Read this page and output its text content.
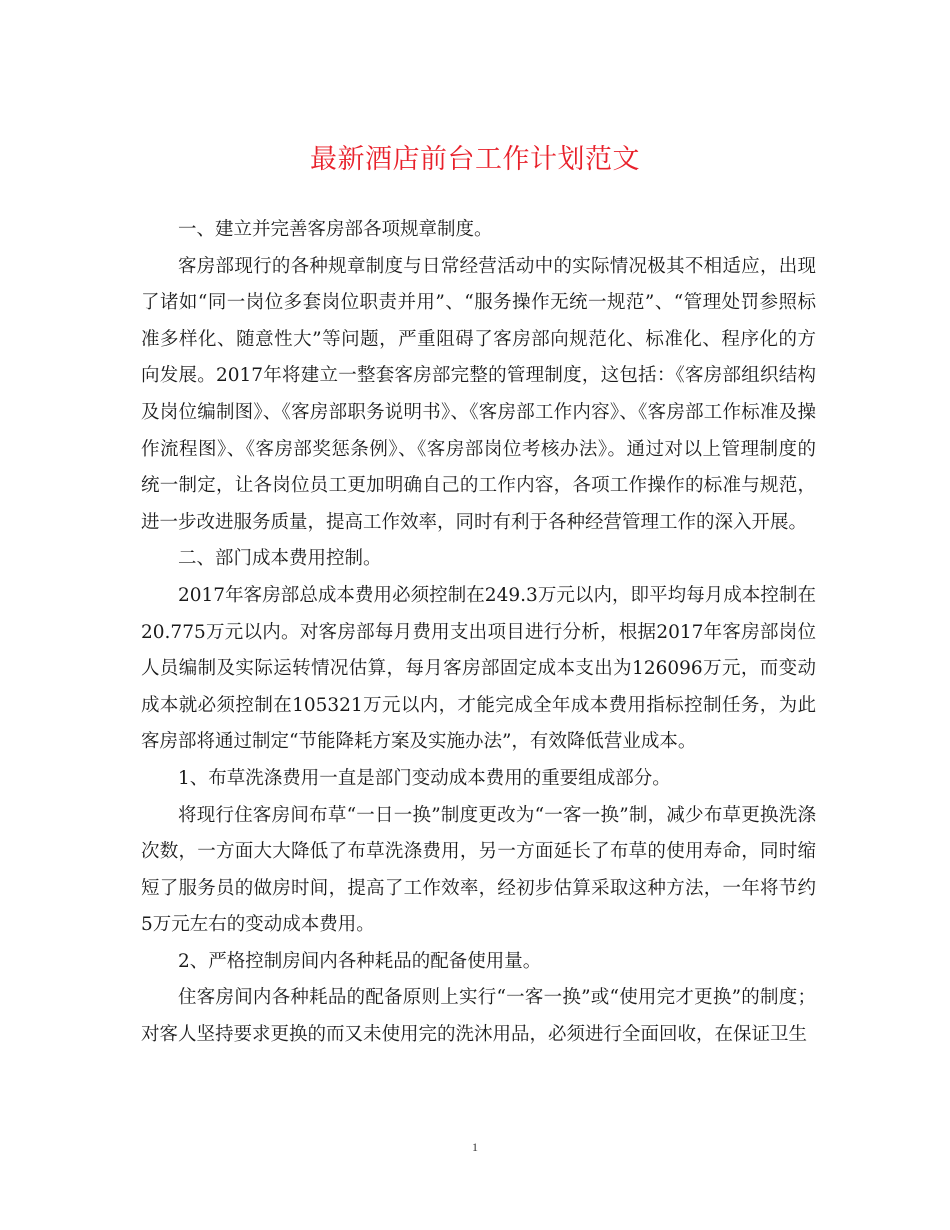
最新酒店前台工作计划范文

一、建立并完善客房部各项规章制度。

客房部现行的各种规章制度与日常经营活动中的实际情况极其不相适应，出现了诸如“同一岗位多套岗位职责并用”、“服务操作无统一规范”、“管理处罚参照标准多样化、随意性大”等问题，严重阻碍了客房部向规范化、标准化、程序化的方向发展。2017年将建立一整套客房部完整的管理制度，这包括：《客房部组织结构及岗位编制图》、《客房部职务说明书》、《客房部工作内容》、《客房部工作标准及操作流程图》、《客房部奖惩条例》、《客房部岗位考核办法》。通过对以上管理制度的统一制定，让各岗位员工更加明确自己的工作内容，各项工作操作的标准与规范，进一步改进服务质量，提高工作效率，同时有利于各种经营管理工作的深入开展。

二、部门成本费用控制。

2017年客房部总成本费用必须控制在249.3万元以内，即平均每月成本控制在20.775万元以内。对客房部每月费用支出项目进行分析，根据2017年客房部岗位人员编制及实际运转情况估算，每月客房部固定成本支出为126096万元，而变动成本就必须控制在105321万元以内，才能完成全年成本费用指标控制任务，为此客房部将通过制定“节能降耗方案及实施办法”，有效降低营业成本。

1、布草洗涤费用一直是部门变动成本费用的重要组成部分。

将现行住客房间布草“一日一换”制度更改为“一客一换”制，减少布草更换洗涤次数，一方面大大降低了布草洗涤费用，另一方面延长了布草的使用寿命，同时缩短了服务员的做房时间，提高了工作效率，经初步估算采取这种方法，一年将节约5万元左右的变动成本费用。

2、严格控制房间内各种耗品的配备使用量。

住客房间内各种耗品的配备原则上实行“一客一换”或“使用完才更换”的制度；对客人坚持要求更换的而又未使用完的洗沐用品，必须进行全面回收，在保证卫生

1
